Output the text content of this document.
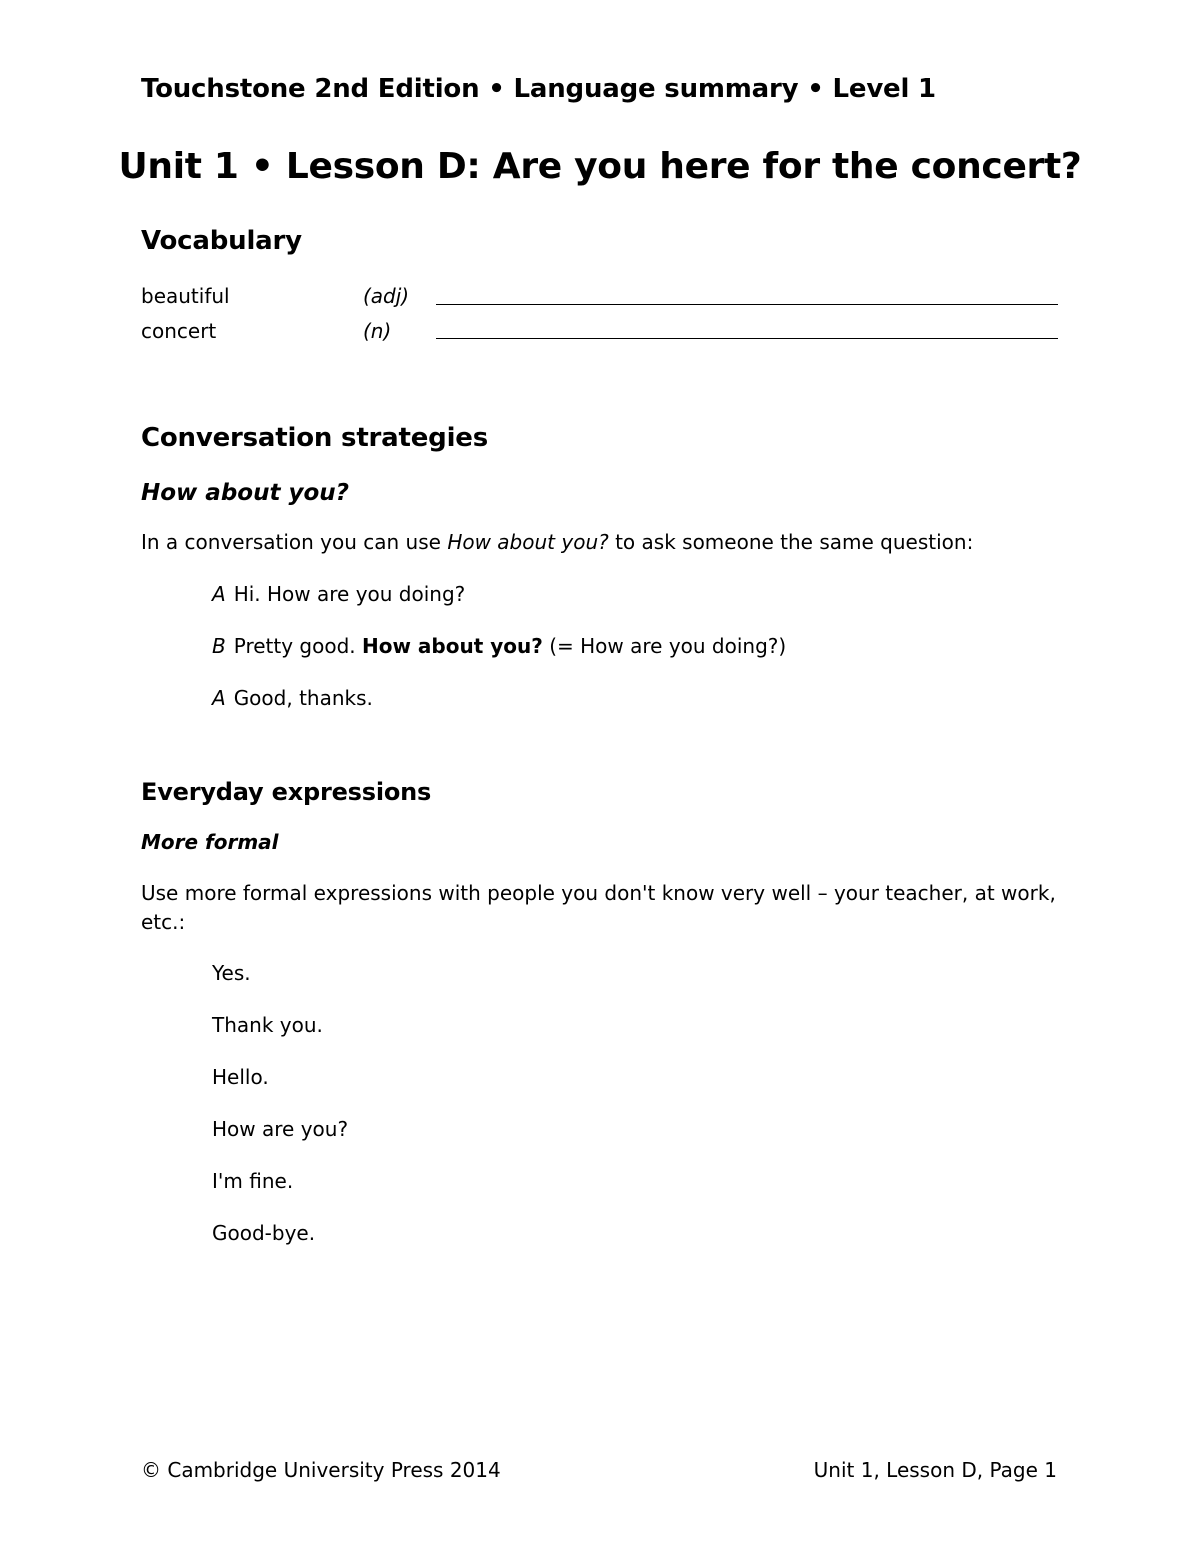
Touchstone 2nd Edition • Language summary • Level 1
Unit 1 • Lesson D: Are you here for the concert?
Vocabulary
beautiful	(adj)
concert	(n)
Conversation strategies
How about you?
In a conversation you can use How about you? to ask someone the same question:
A Hi. How are you doing?
B Pretty good. How about you? (= How are you doing?)
A Good, thanks.
Everyday expressions
More formal
Use more formal expressions with people you don't know very well – your teacher, at work,
etc.:
Yes.
Thank you.
Hello.
How are you?
I'm fine.
Good-bye.
© Cambridge University Press 2014	Unit 1, Lesson D, Page 1
